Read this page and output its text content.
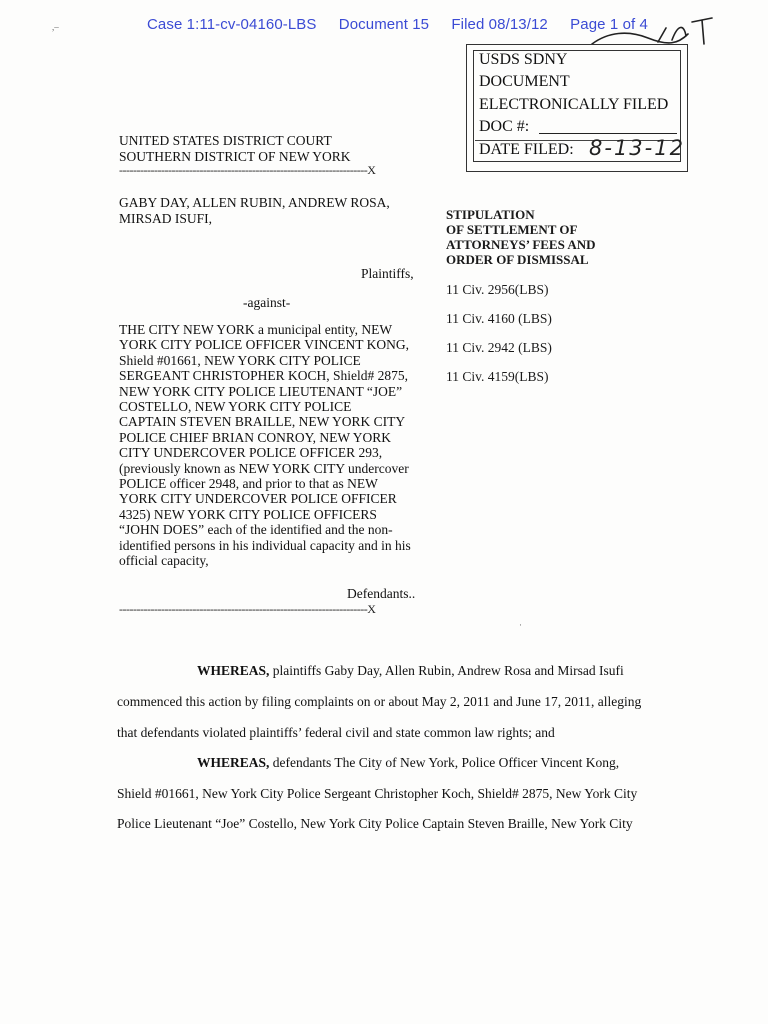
Case 1:11-cv-04160-LBS Document 15 Filed 08/13/12 Page 1 of 4
,–
·
USDS SDNY
DOCUMENT
ELECTRONICALLY FILED
DOC #:
DATE FILED: 8-13-12
UNITED STATES DISTRICT COURT
SOUTHERN DISTRICT OF NEW YORK
-----------------------------------------------------------------------X
GABY DAY, ALLEN RUBIN, ANDREW ROSA,
MIRSAD ISUFI,
Plaintiffs,
-against-
THE CITY NEW YORK a municipal entity, NEW
YORK CITY POLICE OFFICER VINCENT KONG,
Shield #01661, NEW YORK CITY POLICE
SERGEANT CHRISTOPHER KOCH, Shield# 2875,
NEW YORK CITY POLICE LIEUTENANT “JOE”
COSTELLO, NEW YORK CITY POLICE
CAPTAIN STEVEN BRAILLE, NEW YORK CITY
POLICE CHIEF BRIAN CONROY, NEW YORK
CITY UNDERCOVER POLICE OFFICER 293,
(previously known as NEW YORK CITY undercover
POLICE officer 2948, and prior to that as NEW
YORK CITY UNDERCOVER POLICE OFFICER
4325) NEW YORK CITY POLICE OFFICERS
“JOHN DOES” each of the identified and the non-
identified persons in his individual capacity and in his
official capacity,
Defendants..
-----------------------------------------------------------------------X
STIPULATION
OF SETTLEMENT OF
ATTORNEYS’ FEES AND
ORDER OF DISMISSAL
11 Civ. 2956(LBS)
11 Civ. 4160 (LBS)
11 Civ. 2942 (LBS)
11 Civ. 4159(LBS)
WHEREAS, plaintiffs Gaby Day, Allen Rubin, Andrew Rosa and Mirsad Isufi
commenced this action by filing complaints on or about May 2, 2011 and June 17, 2011, alleging
that defendants violated plaintiffs’ federal civil and state common law rights; and
WHEREAS, defendants The City of New York, Police Officer Vincent Kong,
Shield #01661, New York City Police Sergeant Christopher Koch, Shield# 2875, New York City
Police Lieutenant “Joe” Costello, New York City Police Captain Steven Braille, New York City
